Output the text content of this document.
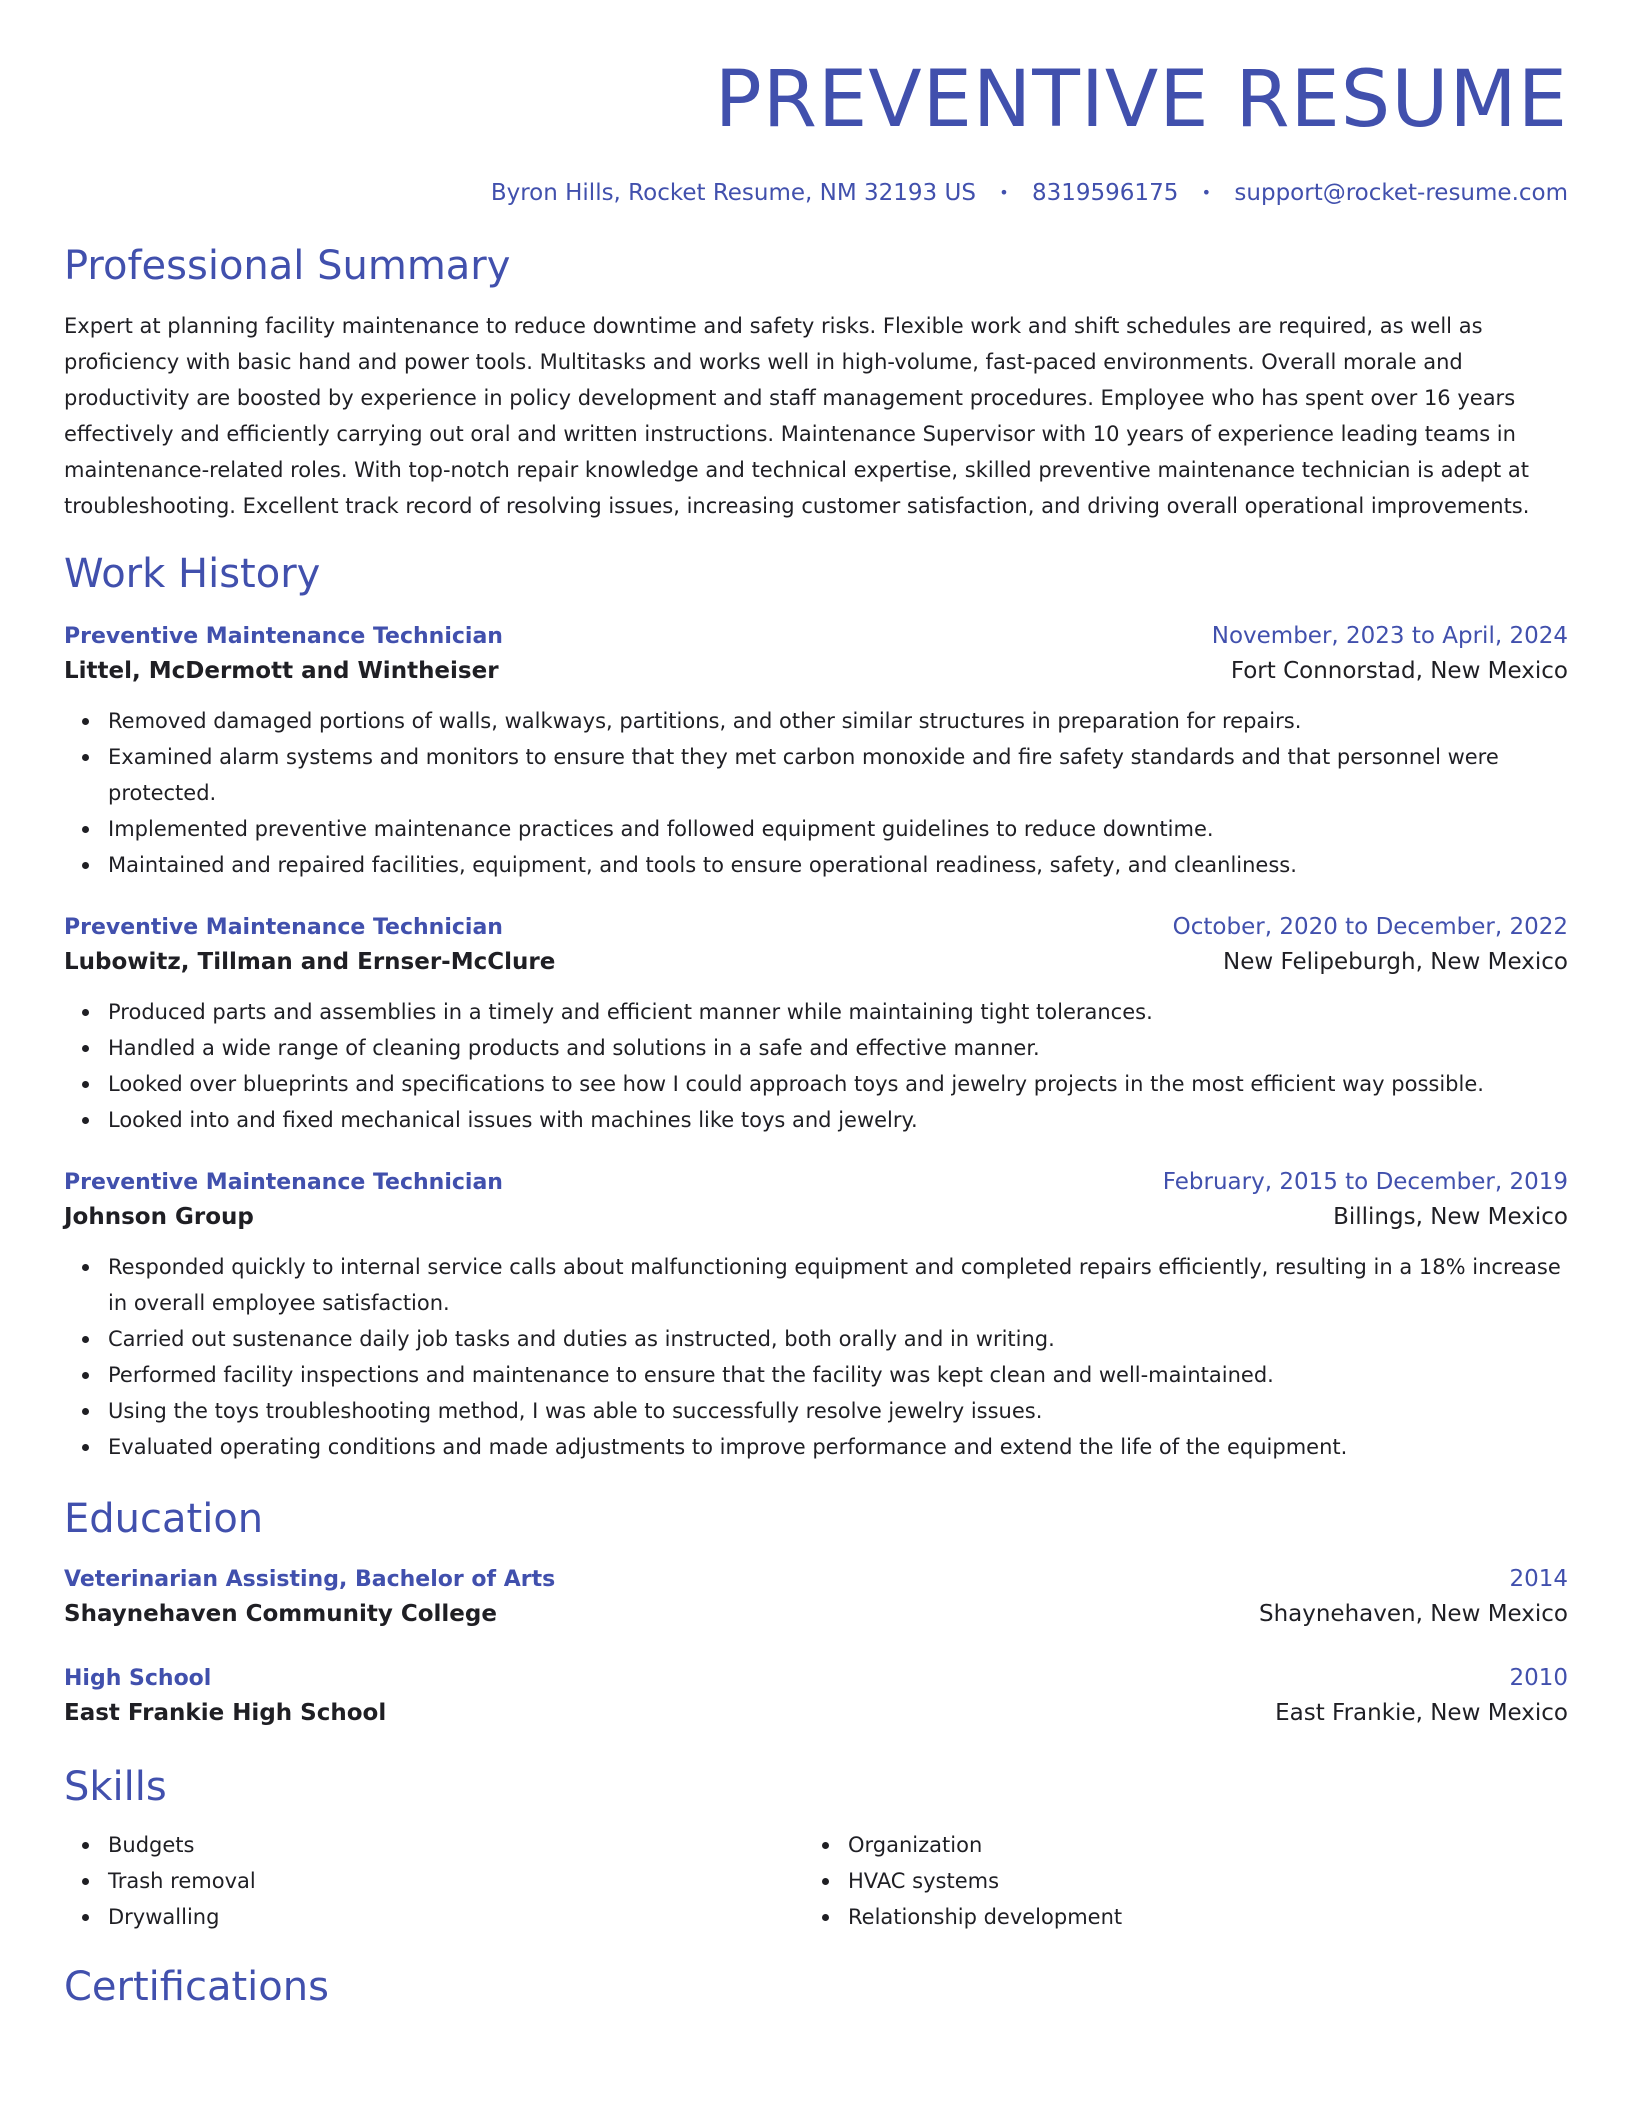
PREVENTIVE RESUME
Byron Hills, Rocket Resume, NM 32193 US • 8319596175 • support@rocket-resume.com
Professional Summary
Expert at planning facility maintenance to reduce downtime and safety risks. Flexible work and shift schedules are required, as well as proficiency with basic hand and power tools. Multitasks and works well in high-volume, fast-paced environments. Overall morale and productivity are boosted by experience in policy development and staff management procedures. Employee who has spent over 16 years effectively and efficiently carrying out oral and written instructions. Maintenance Supervisor with 10 years of experience leading teams in maintenance-related roles. With top-notch repair knowledge and technical expertise, skilled preventive maintenance technician is adept at troubleshooting. Excellent track record of resolving issues, increasing customer satisfaction, and driving overall operational improvements.
Work History
Preventive Maintenance Technician	November, 2023 to April, 2024
Littel, McDermott and Wintheiser	Fort Connorstad, New Mexico
Removed damaged portions of walls, walkways, partitions, and other similar structures in preparation for repairs.
Examined alarm systems and monitors to ensure that they met carbon monoxide and fire safety standards and that personnel were protected.
Implemented preventive maintenance practices and followed equipment guidelines to reduce downtime.
Maintained and repaired facilities, equipment, and tools to ensure operational readiness, safety, and cleanliness.
Preventive Maintenance Technician	October, 2020 to December, 2022
Lubowitz, Tillman and Ernser-McClure	New Felipeburgh, New Mexico
Produced parts and assemblies in a timely and efficient manner while maintaining tight tolerances.
Handled a wide range of cleaning products and solutions in a safe and effective manner.
Looked over blueprints and specifications to see how I could approach toys and jewelry projects in the most efficient way possible.
Looked into and fixed mechanical issues with machines like toys and jewelry.
Preventive Maintenance Technician	February, 2015 to December, 2019
Johnson Group	Billings, New Mexico
Responded quickly to internal service calls about malfunctioning equipment and completed repairs efficiently, resulting in a 18% increase in overall employee satisfaction.
Carried out sustenance daily job tasks and duties as instructed, both orally and in writing.
Performed facility inspections and maintenance to ensure that the facility was kept clean and well-maintained.
Using the toys troubleshooting method, I was able to successfully resolve jewelry issues.
Evaluated operating conditions and made adjustments to improve performance and extend the life of the equipment.
Education
Veterinarian Assisting, Bachelor of Arts	2014
Shaynehaven Community College	Shaynehaven, New Mexico
High School	2010
East Frankie High School	East Frankie, New Mexico
Skills
Budgets
Trash removal
Drywalling
Organization
HVAC systems
Relationship development
Certifications
